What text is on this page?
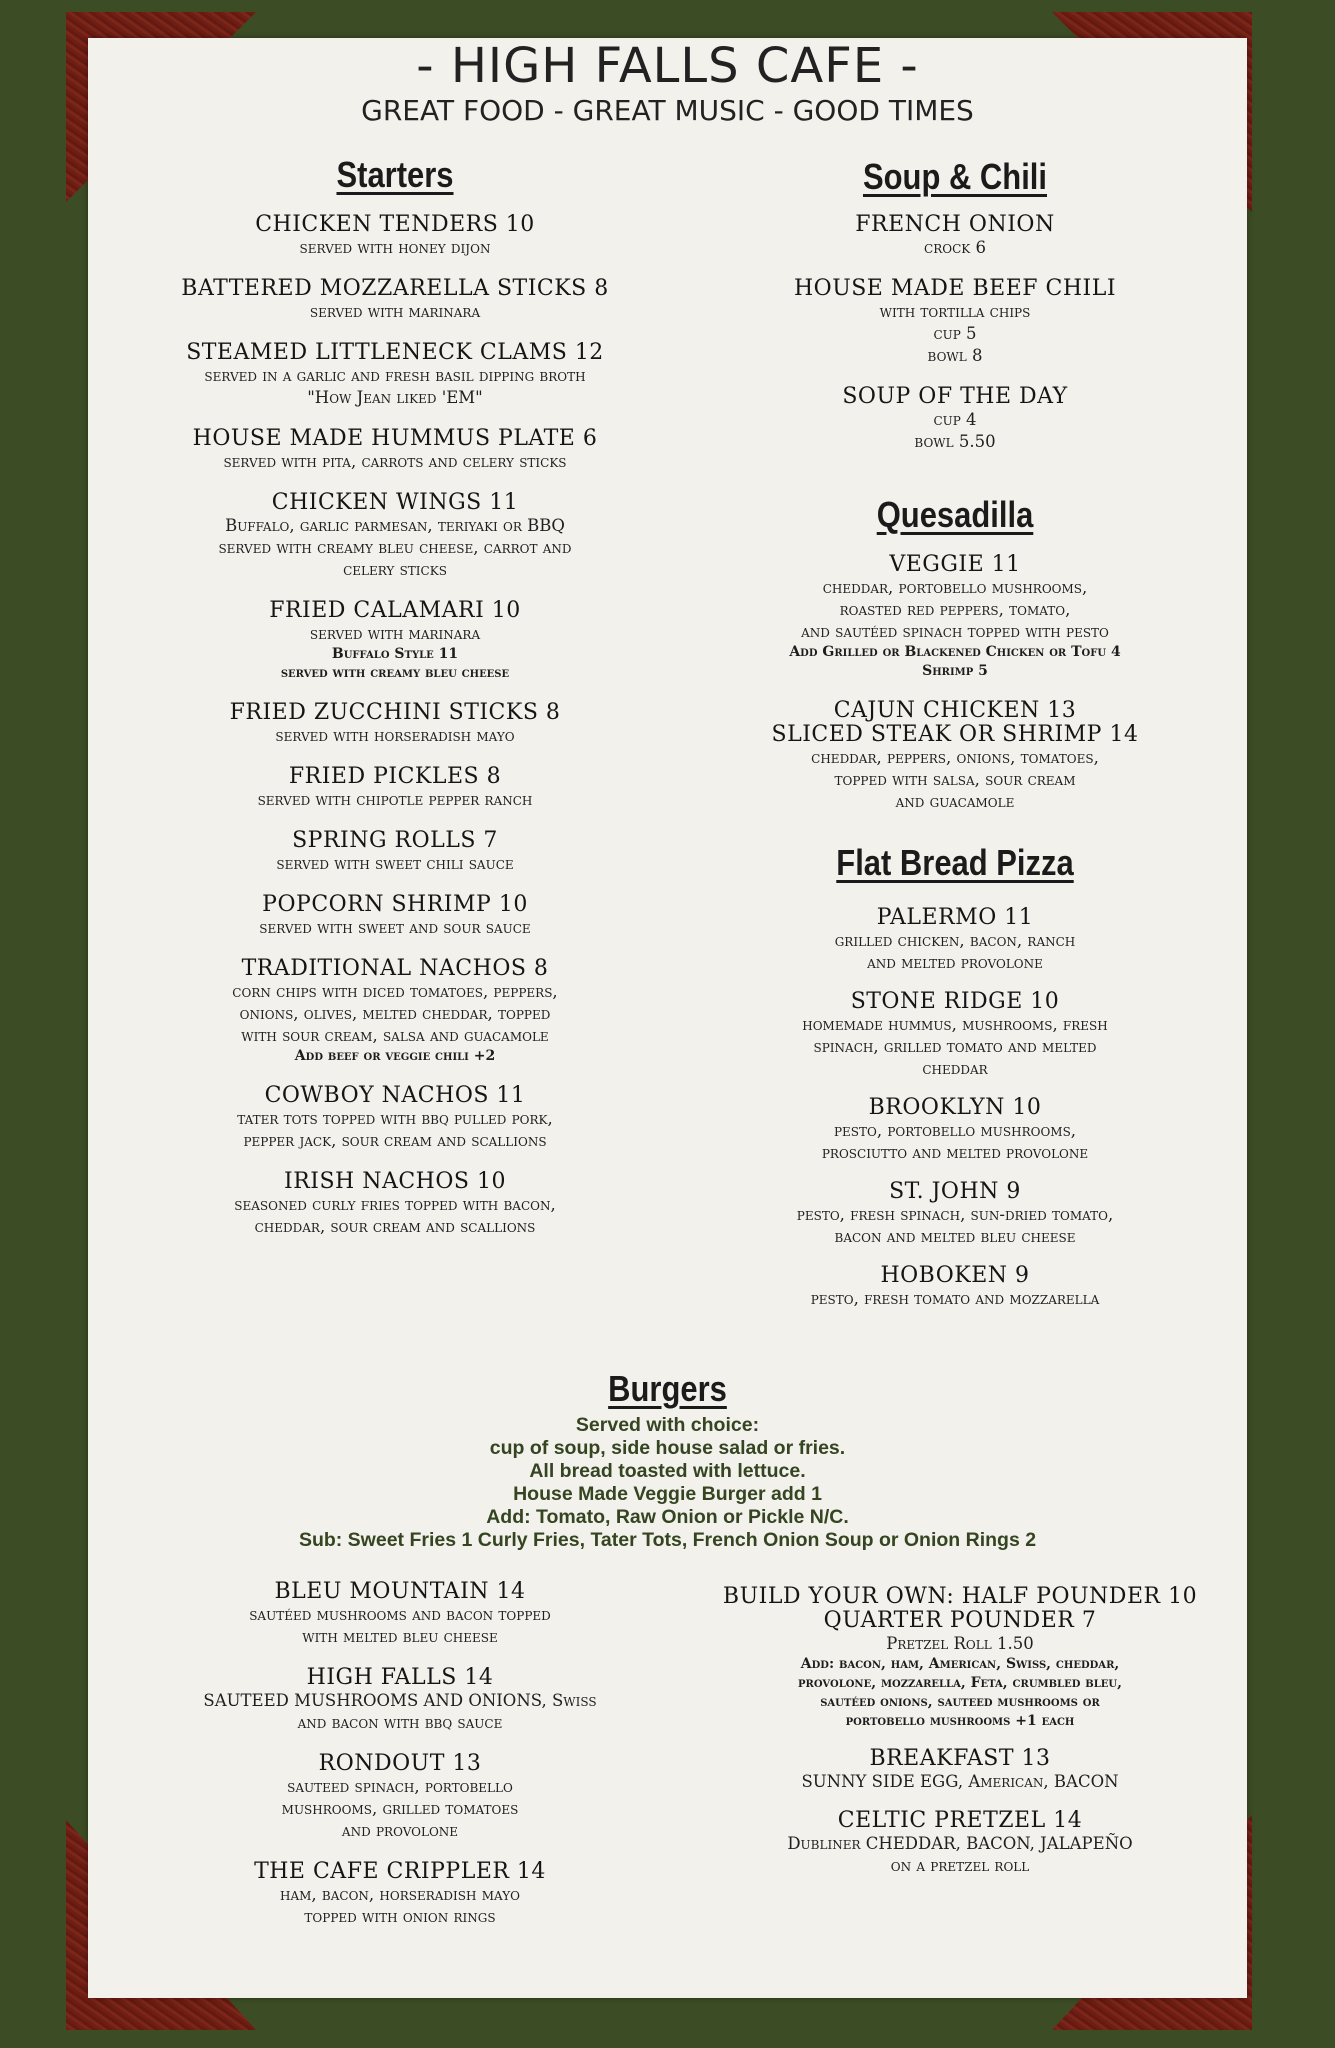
- HIGH FALLS CAFE -
GREAT FOOD - GREAT MUSIC - GOOD TIMES
Starters
CHICKEN TENDERS 10
served with honey dijon
BATTERED MOZZARELLA STICKS 8
served with marinara
STEAMED LITTLENECK CLAMS 12
served in a garlic and fresh basil dipping broth
"How Jean liked 'EM"
HOUSE MADE HUMMUS PLATE 6
served with pita, carrots and celery sticks
CHICKEN WINGS 11
Buffalo, garlic parmesan, teriyaki or BBQ
served with creamy bleu cheese, carrot and
celery sticks
FRIED CALAMARI 10
served with marinara
Buffalo Style 11
served with creamy bleu cheese
FRIED ZUCCHINI STICKS 8
served with horseradish mayo
FRIED PICKLES 8
served with chipotle pepper ranch
SPRING ROLLS 7
served with sweet chili sauce
POPCORN SHRIMP 10
served with sweet and sour sauce
TRADITIONAL NACHOS 8
corn chips with diced tomatoes, peppers,
onions, olives, melted cheddar, topped
with sour cream, salsa and guacamole
Add beef or veggie chili +2
COWBOY NACHOS 11
tater tots topped with bbq pulled pork,
pepper jack, sour cream and scallions
IRISH NACHOS 10
seasoned curly fries topped with bacon,
cheddar, sour cream and scallions
Soup & Chili
FRENCH ONION
crock 6
HOUSE MADE BEEF CHILI
with tortilla chips
cup 5
bowl 8
SOUP OF THE DAY
cup 4
bowl 5.50
Quesadilla
VEGGIE 11
cheddar, portobello mushrooms,
roasted red peppers, tomato,
and sautéed spinach topped with pesto
Add Grilled or Blackened Chicken or Tofu 4
Shrimp 5
CAJUN CHICKEN 13
SLICED STEAK OR SHRIMP 14
cheddar, peppers, onions, tomatoes,
topped with salsa, sour cream
and guacamole
Flat Bread Pizza
PALERMO 11
grilled chicken, bacon, ranch
and melted provolone
STONE RIDGE 10
homemade hummus, mushrooms, fresh
spinach, grilled tomato and melted
cheddar
BROOKLYN 10
pesto, portobello mushrooms,
prosciutto and melted provolone
ST. JOHN 9
pesto, fresh spinach, sun-dried tomato,
bacon and melted bleu cheese
HOBOKEN 9
pesto, fresh tomato and mozzarella
Burgers
Served with choice:
cup of soup, side house salad or fries.
All bread toasted with lettuce.
House Made Veggie Burger add 1
Add: Tomato, Raw Onion or Pickle N/C.
Sub: Sweet Fries 1 Curly Fries, Tater Tots, French Onion Soup or Onion Rings 2
BLEU MOUNTAIN 14
sautéed mushrooms and bacon topped
with melted bleu cheese
HIGH FALLS 14
SAUTEED MUSHROOMS AND ONIONS, Swiss
and bacon with bbq sauce
RONDOUT 13
sauteed spinach, portobello
mushrooms, grilled tomatoes
and provolone
THE CAFE CRIPPLER 14
ham, bacon, horseradish mayo
topped with onion rings
BUILD YOUR OWN: HALF POUNDER 10
QUARTER POUNDER 7
Pretzel Roll 1.50
Add: bacon, ham, American, Swiss, cheddar,
provolone, mozzarella, Feta, crumbled bleu,
sautéed onions, sauteed mushrooms or
portobello mushrooms +1 each
BREAKFAST 13
SUNNY SIDE EGG, American, BACON
CELTIC PRETZEL 14
Dubliner CHEDDAR, BACON, JALAPEÑO
on a pretzel roll
